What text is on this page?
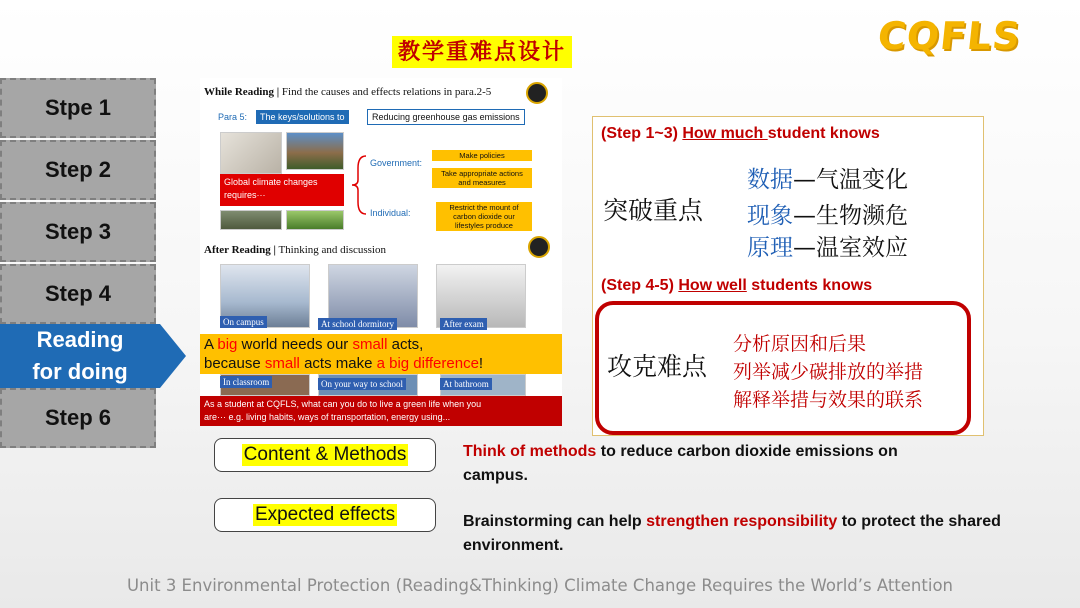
教学重难点设计	CQFLS
Stpe 1
Step 2
Step 3
Step 4
Reading
for doing
Step 6
While Reading | Find the causes and effects relations in para.2-5
Para 5:	The keys/solutions to	Reducing greenhouse gas emissions
Global climate changes requires···
Government:
Individual:
Make policies
Take appropriate actions and measures
Restrict the mount of carbon dioxide our lifestyles produce
After Reading | Thinking and discussion
On campus	At school dormitory	After exam
A big world needs our small acts,
because small acts make a big difference!
In classroom	On your way to school	At bathroom
As a student at CQFLS, what can you do to live a green life when you
are··· e.g. living habits, ways of transportation, energy using...
(Step 1~3) How much student knows
突破重点
数据—气温变化
现象—生物濒危
原理—温室效应
(Step 4-5) How well students knows
攻克难点
分析原因和后果
列举减少碳排放的举措
解释举措与效果的联系
Content & Methods
Expected effects
Think of methods to reduce carbon dioxide emissions on campus.
Brainstorming can help strengthen responsibility to protect the shared environment.
Unit 3 Environmental Protection (Reading&Thinking) Climate Change Requires the World’s Attention
